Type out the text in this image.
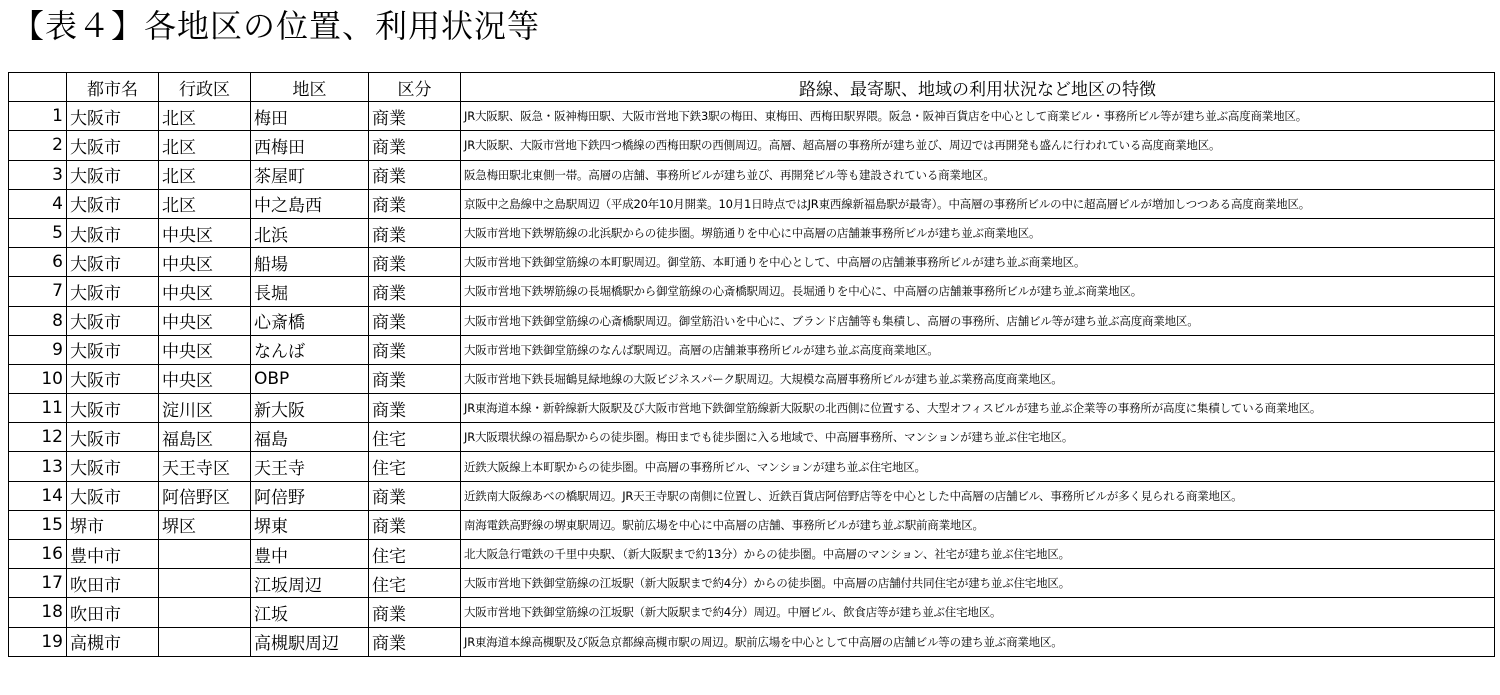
【表４】各地区の位置、利用状況等
	都市名	行政区	地区	区分	路線、最寄駅、地域の利用状況など地区の特徴
1	大阪市	北区	梅田	商業	JR大阪駅、阪急・阪神梅田駅、大阪市営地下鉄3駅の梅田、東梅田、西梅田駅界隈。阪急・阪神百貨店を中心として商業ビル・事務所ビル等が建ち並ぶ高度商業地区。
2	大阪市	北区	西梅田	商業	JR大阪駅、大阪市営地下鉄四つ橋線の西梅田駅の西側周辺。高層、超高層の事務所が建ち並び、周辺では再開発も盛んに行われている高度商業地区。
3	大阪市	北区	茶屋町	商業	阪急梅田駅北東側一帯。高層の店舗、事務所ビルが建ち並び、再開発ビル等も建設されている商業地区。
4	大阪市	北区	中之島西	商業	京阪中之島線中之島駅周辺（平成20年10月開業。10月1日時点ではJR東西線新福島駅が最寄）。中高層の事務所ビルの中に超高層ビルが増加しつつある高度商業地区。
5	大阪市	中央区	北浜	商業	大阪市営地下鉄堺筋線の北浜駅からの徒歩圏。堺筋通りを中心に中高層の店舗兼事務所ビルが建ち並ぶ商業地区。
6	大阪市	中央区	船場	商業	大阪市営地下鉄御堂筋線の本町駅周辺。御堂筋、本町通りを中心として、中高層の店舗兼事務所ビルが建ち並ぶ商業地区。
7	大阪市	中央区	長堀	商業	大阪市営地下鉄堺筋線の長堀橋駅から御堂筋線の心斎橋駅周辺。長堀通りを中心に、中高層の店舗兼事務所ビルが建ち並ぶ商業地区。
8	大阪市	中央区	心斎橋	商業	大阪市営地下鉄御堂筋線の心斎橋駅周辺。御堂筋沿いを中心に、ブランド店舗等も集積し、高層の事務所、店舗ビル等が建ち並ぶ高度商業地区。
9	大阪市	中央区	なんば	商業	大阪市営地下鉄御堂筋線のなんば駅周辺。高層の店舗兼事務所ビルが建ち並ぶ高度商業地区。
10	大阪市	中央区	OBP	商業	大阪市営地下鉄長堀鶴見緑地線の大阪ビジネスパーク駅周辺。大規模な高層事務所ビルが建ち並ぶ業務高度商業地区。
11	大阪市	淀川区	新大阪	商業	JR東海道本線・新幹線新大阪駅及び大阪市営地下鉄御堂筋線新大阪駅の北西側に位置する、大型オフィスビルが建ち並ぶ企業等の事務所が高度に集積している商業地区。
12	大阪市	福島区	福島	住宅	JR大阪環状線の福島駅からの徒歩圏。梅田までも徒歩圏に入る地域で、中高層事務所、マンションが建ち並ぶ住宅地区。
13	大阪市	天王寺区	天王寺	住宅	近鉄大阪線上本町駅からの徒歩圏。中高層の事務所ビル、マンションが建ち並ぶ住宅地区。
14	大阪市	阿倍野区	阿倍野	商業	近鉄南大阪線あべの橋駅周辺。JR天王寺駅の南側に位置し、近鉄百貨店阿倍野店等を中心とした中高層の店舗ビル、事務所ビルが多く見られる商業地区。
15	堺市	堺区	堺東	商業	南海電鉄高野線の堺東駅周辺。駅前広場を中心に中高層の店舗、事務所ビルが建ち並ぶ駅前商業地区。
16	豊中市		豊中	住宅	北大阪急行電鉄の千里中央駅、（新大阪駅まで約13分）からの徒歩圏。中高層のマンション、社宅が建ち並ぶ住宅地区。
17	吹田市		江坂周辺	住宅	大阪市営地下鉄御堂筋線の江坂駅（新大阪駅まで約4分）からの徒歩圏。中高層の店舗付共同住宅が建ち並ぶ住宅地区。
18	吹田市		江坂	商業	大阪市営地下鉄御堂筋線の江坂駅（新大阪駅まで約4分）周辺。中層ビル、飲食店等が建ち並ぶ住宅地区。
19	高槻市		高槻駅周辺	商業	JR東海道本線高槻駅及び阪急京都線高槻市駅の周辺。駅前広場を中心として中高層の店舗ビル等の建ち並ぶ商業地区。
